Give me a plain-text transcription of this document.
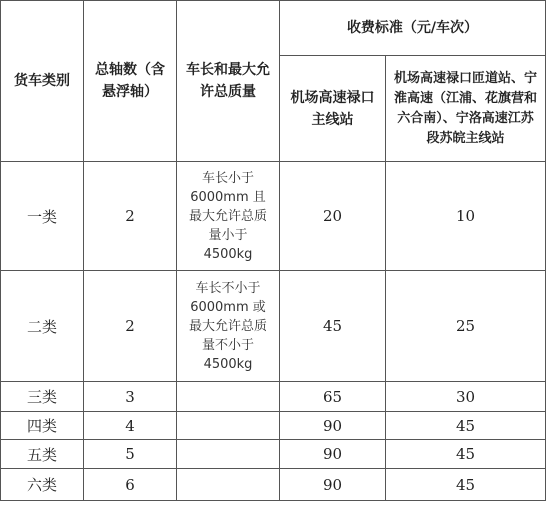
货车类别	总轴数（含悬浮轴）	车长和最大允许总质量	收费标准（元/车次）	
			机场高速禄口主线站	机场高速禄口匝道站、宁淮高速（江浦、花旗营和六合南）、宁洛高速江苏段苏皖主线站
一类	2	车长小于6000mm 且最大允许总质量小于4500kg	20	10
二类	2	车长不小于6000mm 或最大允许总质量不小于4500kg	45	25
三类	3		65	30
四类	4		90	45
五类	5		90	45
六类	6		90	45
